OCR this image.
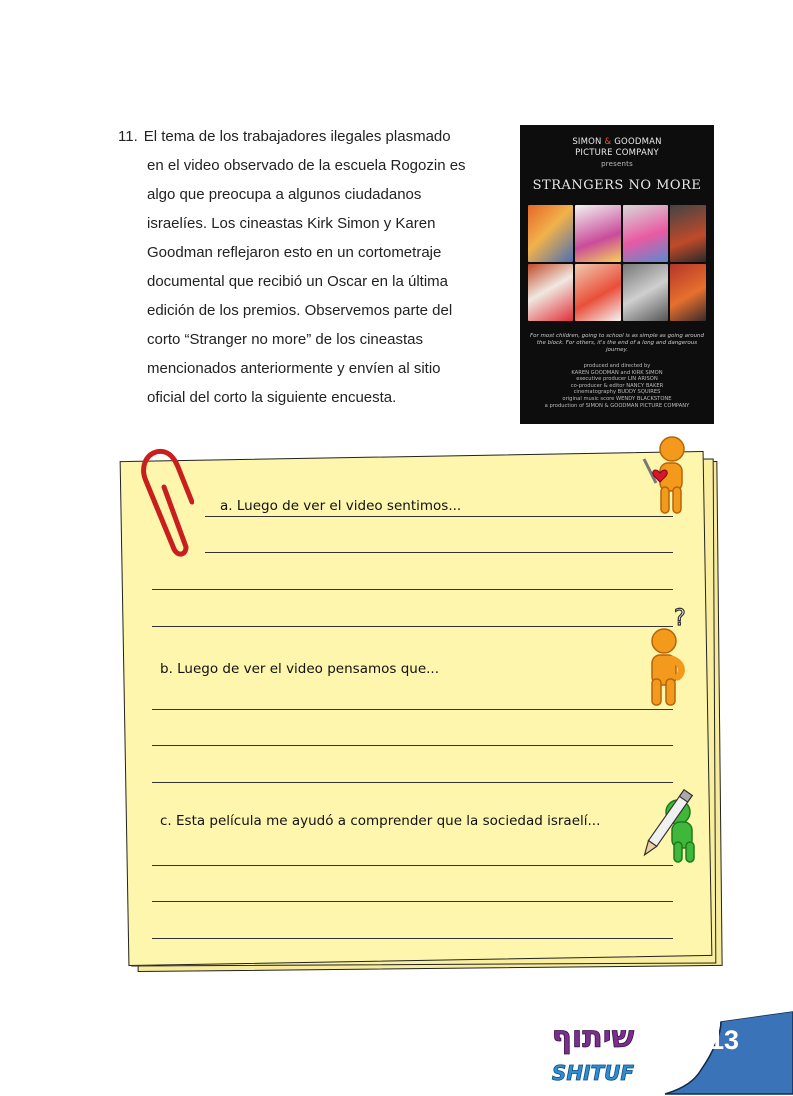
11. El tema de los trabajadores ilegales plasmado
en el video observado de la escuela Rogozin es
algo que preocupa a algunos ciudadanos
israelíes. Los cineastas Kirk Simon y Karen
Goodman reflejaron esto en un cortometraje
documental que recibió un Oscar en la última
edición de los premios. Observemos parte del
corto “Stranger no more” de los cineastas
mencionados anteriormente y envíen al sitio
oficial del corto la siguiente encuesta.
SIMON & GOODMAN
PICTURE COMPANY
presents
STRANGERS NO MORE
For most children, going to school is as simple as going around the block. For others, it's the end of a long and dangerous journey.
produced and directed by
KAREN GOODMAN and KIRK SIMON
executive producer LIN ARISON
co-producer & editor NANCY BAKER
cinematography BUDDY SQUIRES
original music score WENDY BLACKSTONE
a production of SIMON & GOODMAN PICTURE COMPANY
a. Luego de ver el video sentimos...
b. Luego de ver el video pensamos que...
c. Esta película me ayudó a comprender que la sociedad israelí...
?
שיתוף
SHITUF
13
